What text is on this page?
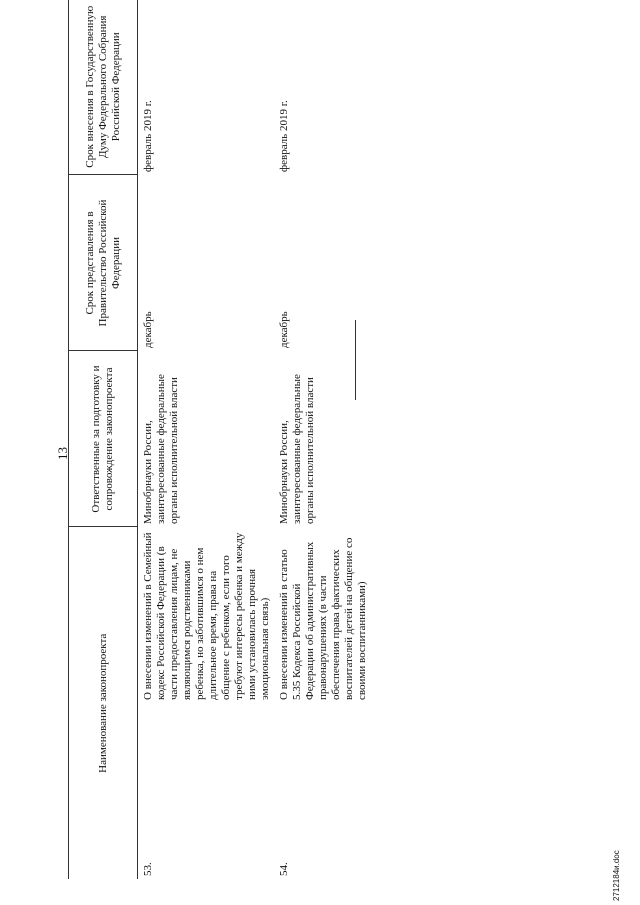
13
Наименование законопроекта		Ответственные за подготовку и сопровождение законопроекта	Срок представления в Правительство Российской Федерации	Срок внесения в Государственную Думу Федерального Собрания Российской Федерации
53.	О внесении изменений в Семейный кодекс Российской Федерации (в части предоставления лицам, не являющимся родственниками ребенка, но заботившимся о нем длительное время, права на общение с ребенком, если того требуют интересы ребенка и между ними установилась прочная эмоциональная связь)	Минобрнауки России, заинтересованные федеральные органы исполнительной власти	декабрь	февраль 2019 г.
54.	О внесении изменений в статью 5.35 Кодекса Российской Федерации об административных правонарушениях (в части обеспечения права фактических воспитателей детей на общение со своими воспитанниками)	Минобрнауки России, заинтересованные федеральные органы исполнительной власти	декабрь	февраль 2019 г.
2712184и.doc
